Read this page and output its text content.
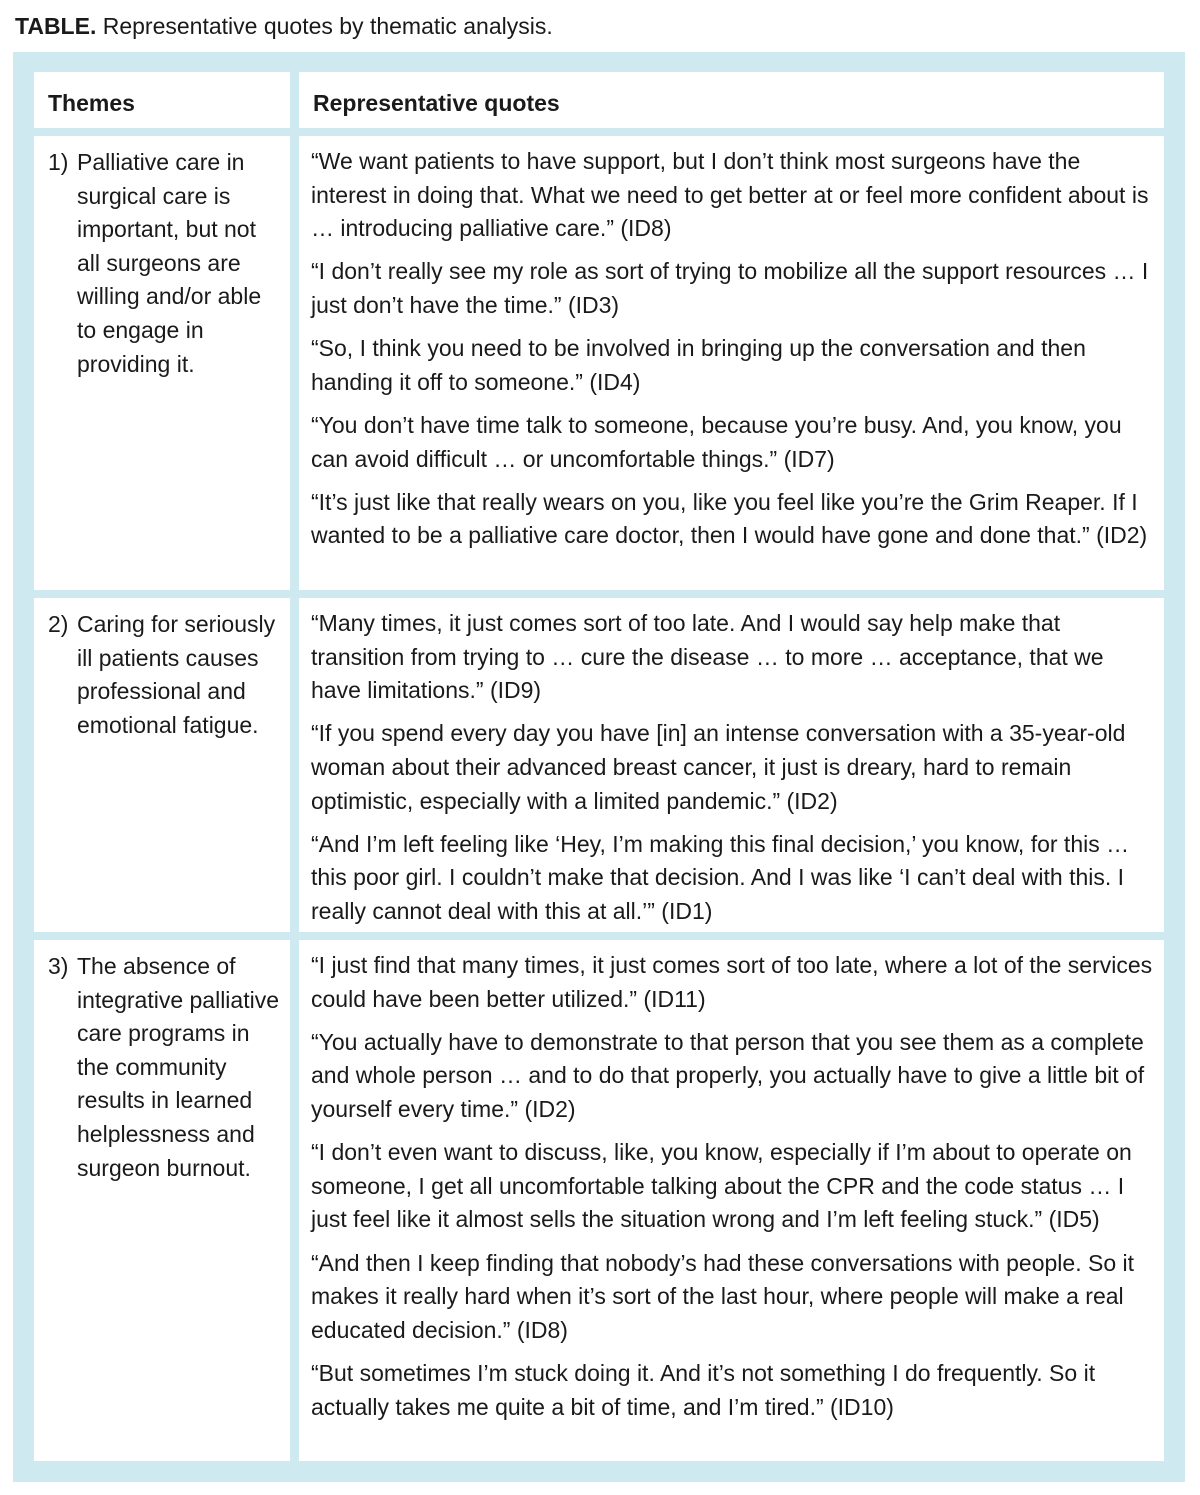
TABLE. Representative quotes by thematic analysis.
Themes	Representative quotes
1) Palliative care in surgical care is important, but not all surgeons are willing and/or able to engage in providing it.

“We want patients to have support, but I don’t think most surgeons have the interest in doing that. What we need to get better at or feel more confident about is … introducing palliative care.” (ID8)

“I don’t really see my role as sort of trying to mobilize all the support resources … I just don’t have the time.” (ID3)

“So, I think you need to be involved in bringing up the conversation and then handing it off to someone.” (ID4)

“You don’t have time talk to someone, because you’re busy. And, you know, you can avoid difficult … or uncomfortable things.” (ID7)

“It’s just like that really wears on you, like you feel like you’re the Grim Reaper. If I wanted to be a palliative care doctor, then I would have gone and done that.” (ID2)

2) Caring for seriously ill patients causes professional and emotional fatigue.

“Many times, it just comes sort of too late. And I would say help make that transition from trying to … cure the disease … to more … acceptance, that we have limitations.” (ID9)

“If you spend every day you have [in] an intense conversation with a 35-year-old woman about their advanced breast cancer, it just is dreary, hard to remain optimistic, especially with a limited pandemic.” (ID2)

“And I’m left feeling like ‘Hey, I’m making this final decision,’ you know, for this … this poor girl. I couldn’t make that decision. And I was like ‘I can’t deal with this. I really cannot deal with this at all.’” (ID1)

3) The absence of integrative palliative care programs in the community results in learned helplessness and surgeon burnout.

“I just find that many times, it just comes sort of too late, where a lot of the services could have been better utilized.” (ID11)

“You actually have to demonstrate to that person that you see them as a complete and whole person … and to do that properly, you actually have to give a little bit of yourself every time.” (ID2)

“I don’t even want to discuss, like, you know, especially if I’m about to operate on someone, I get all uncomfortable talking about the CPR and the code status … I just feel like it almost sells the situation wrong and I’m left feeling stuck.” (ID5)

“And then I keep finding that nobody’s had these conversations with people. So it makes it really hard when it’s sort of the last hour, where people will make a real educated decision.” (ID8)

“But sometimes I’m stuck doing it. And it’s not something I do frequently. So it actually takes me quite a bit of time, and I’m tired.” (ID10)
